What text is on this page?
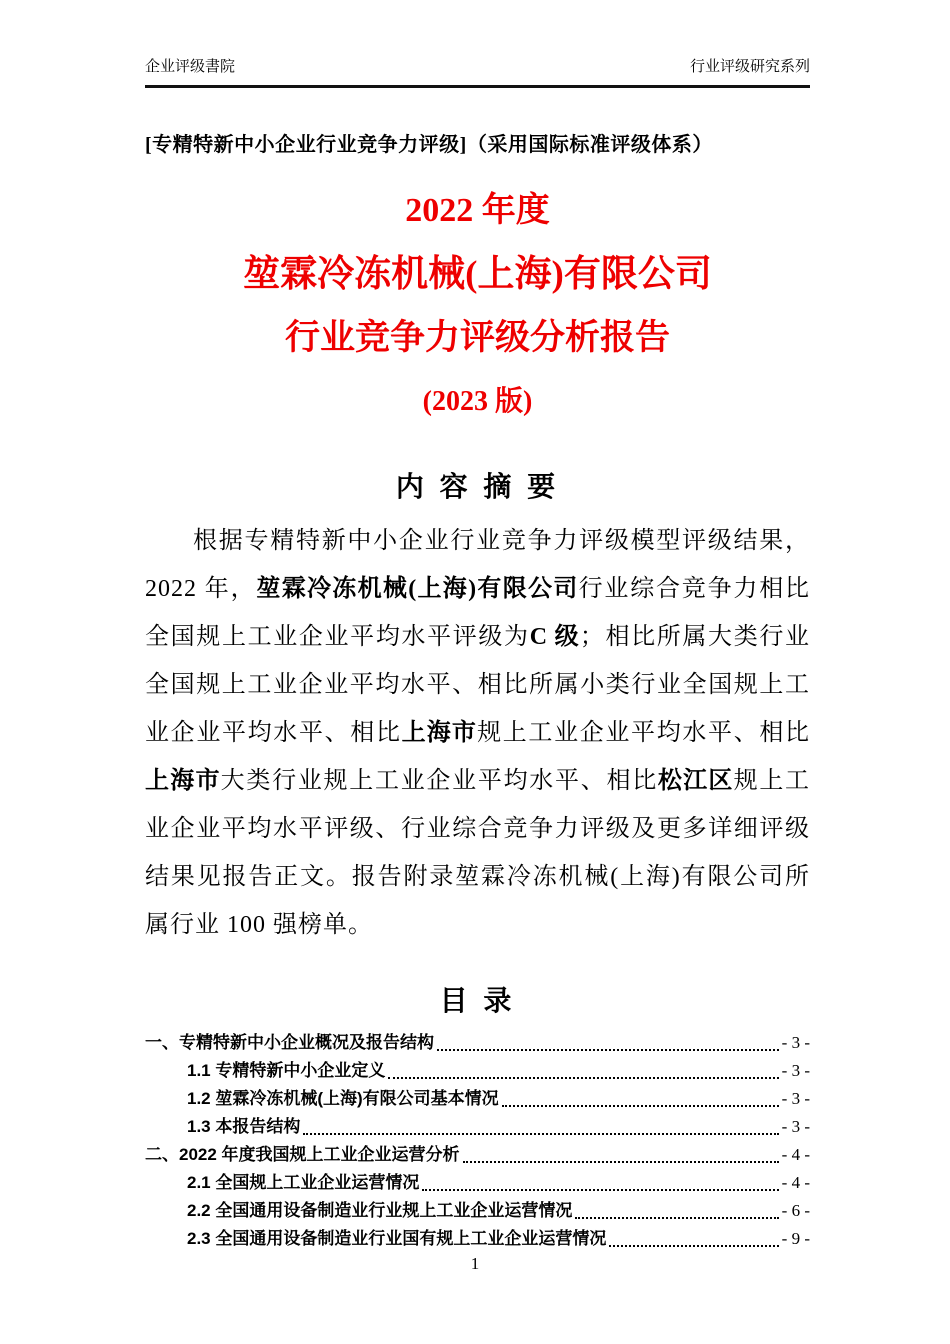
企业评级書院	行业评级研究系列
[专精特新中小企业行业竞争力评级]（采用国际标准评级体系）
2022 年度
堃霖冷冻机械(上海)有限公司
行业竞争力评级分析报告
(2023 版)
内 容 摘 要

根据专精特新中小企业行业竞争力评级模型评级结果，2022 年，堃霖冷冻机械(上海)有限公司行业综合竞争力相比全国规上工业企业平均水平评级为C 级；相比所属大类行业全国规上工业企业平均水平、相比所属小类行业全国规上工业企业平均水平、相比上海市规上工业企业平均水平、相比上海市大类行业规上工业企业平均水平、相比松江区规上工业企业平均水平评级、行业综合竞争力评级及更多详细评级结果见报告正文。报告附录堃霖冷冻机械(上海)有限公司所属行业 100 强榜单。

目 录
一、专精特新中小企业概况及报告结构	- 3 -
1.1 专精特新中小企业定义	- 3 -
1.2 堃霖冷冻机械(上海)有限公司基本情况	- 3 -
1.3 本报告结构	- 3 -
二、2022 年度我国规上工业企业运营分析	- 4 -
2.1 全国规上工业企业运营情况	- 4 -
2.2 全国通用设备制造业行业规上工业企业运营情况	- 6 -
2.3 全国通用设备制造业行业国有规上工业企业运营情况	- 9 -
1
